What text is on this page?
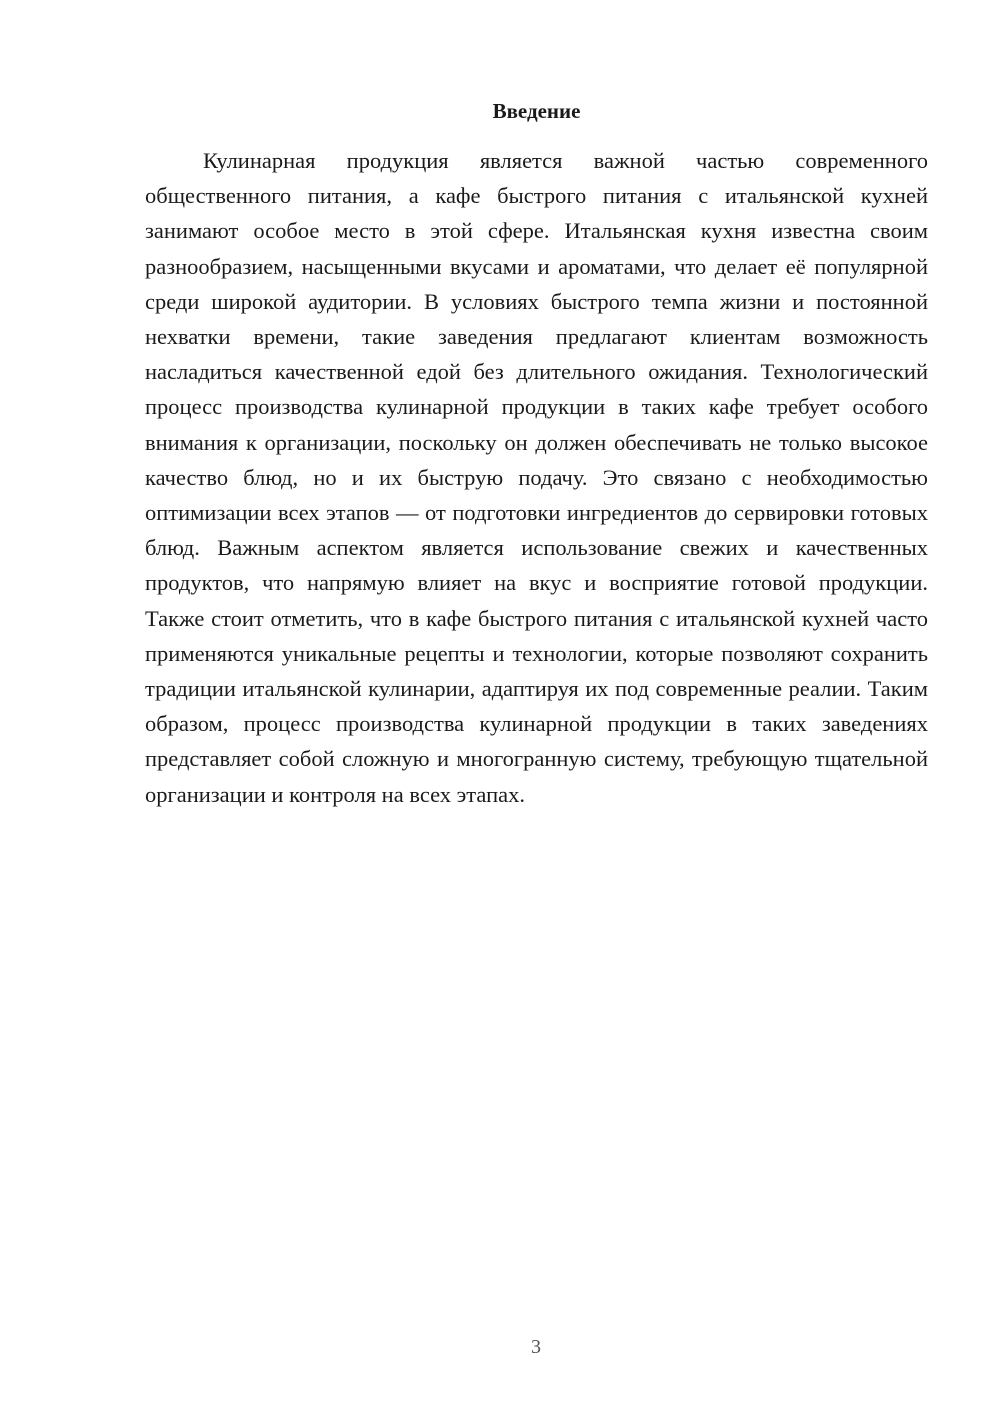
Введение

Кулинарная продукция является важной частью современного общественного питания, а кафе быстрого питания с итальянской кухней занимают особое место в этой сфере. Итальянская кухня известна своим разнообразием, насыщенными вкусами и ароматами, что делает её популярной среди широкой аудитории. В условиях быстрого темпа жизни и постоянной нехватки времени, такие заведения предлагают клиентам возможность насладиться качественной едой без длительного ожидания. Технологический процесс производства кулинарной продукции в таких кафе требует особого внимания к организации, поскольку он должен обеспечивать не только высокое качество блюд, но и их быструю подачу. Это связано с необходимостью оптимизации всех этапов — от подготовки ингредиентов до сервировки готовых блюд. Важным аспектом является использование свежих и качественных продуктов, что напрямую влияет на вкус и восприятие готовой продукции. Также стоит отметить, что в кафе быстрого питания с итальянской кухней часто применяются уникальные рецепты и технологии, которые позволяют сохранить традиции итальянской кулинарии, адаптируя их под современные реалии. Таким образом, процесс производства кулинарной продукции в таких заведениях представляет собой сложную и многогранную систему, требующую тщательной организации и контроля на всех этапах.

3
